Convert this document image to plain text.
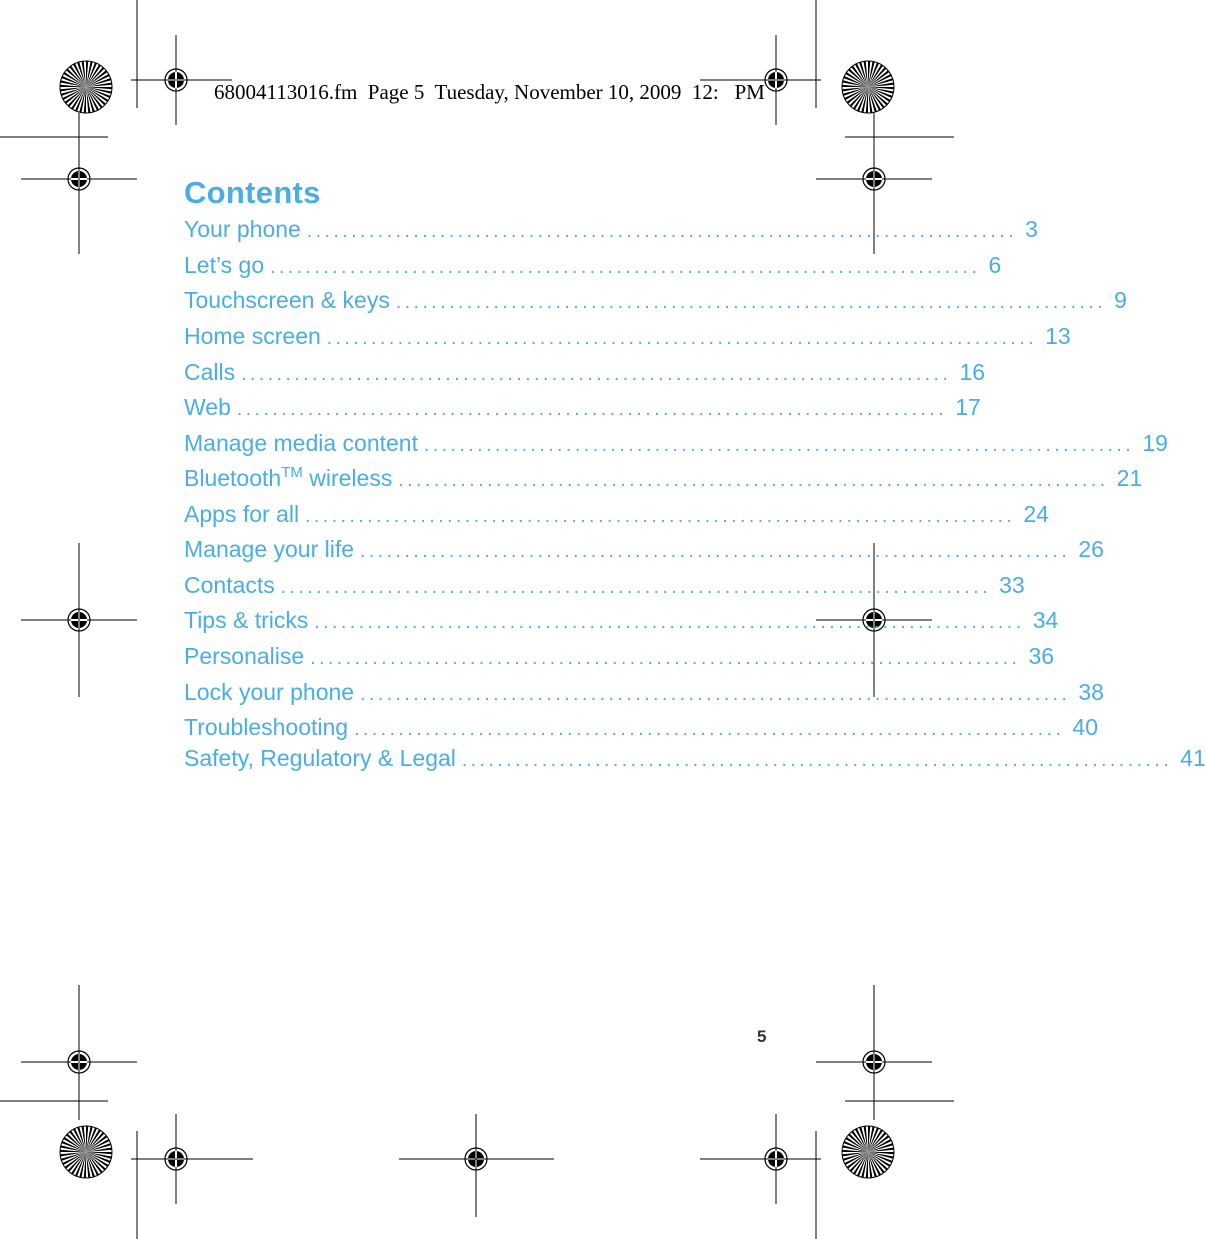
68004113016.fm  Page 5  Tuesday, November 10, 2009  12:   PM
Contents
Your phone ................................................................................ 3
Let’s go ................................................................................ 6
Touchscreen & keys ................................................................................ 9
Home screen ................................................................................ 13
Calls ................................................................................ 16
Web ................................................................................ 17
Manage media content ................................................................................ 19
Bluetooth™ wireless ................................................................................ 21
Apps for all ................................................................................ 24
Manage your life ................................................................................ 26
Contacts ................................................................................ 33
Tips & tricks ................................................................................ 34
Personalise ................................................................................ 36
Lock your phone ................................................................................ 38
Troubleshooting ................................................................................ 40
Safety, Regulatory & Legal ................................................................................ 41
5
